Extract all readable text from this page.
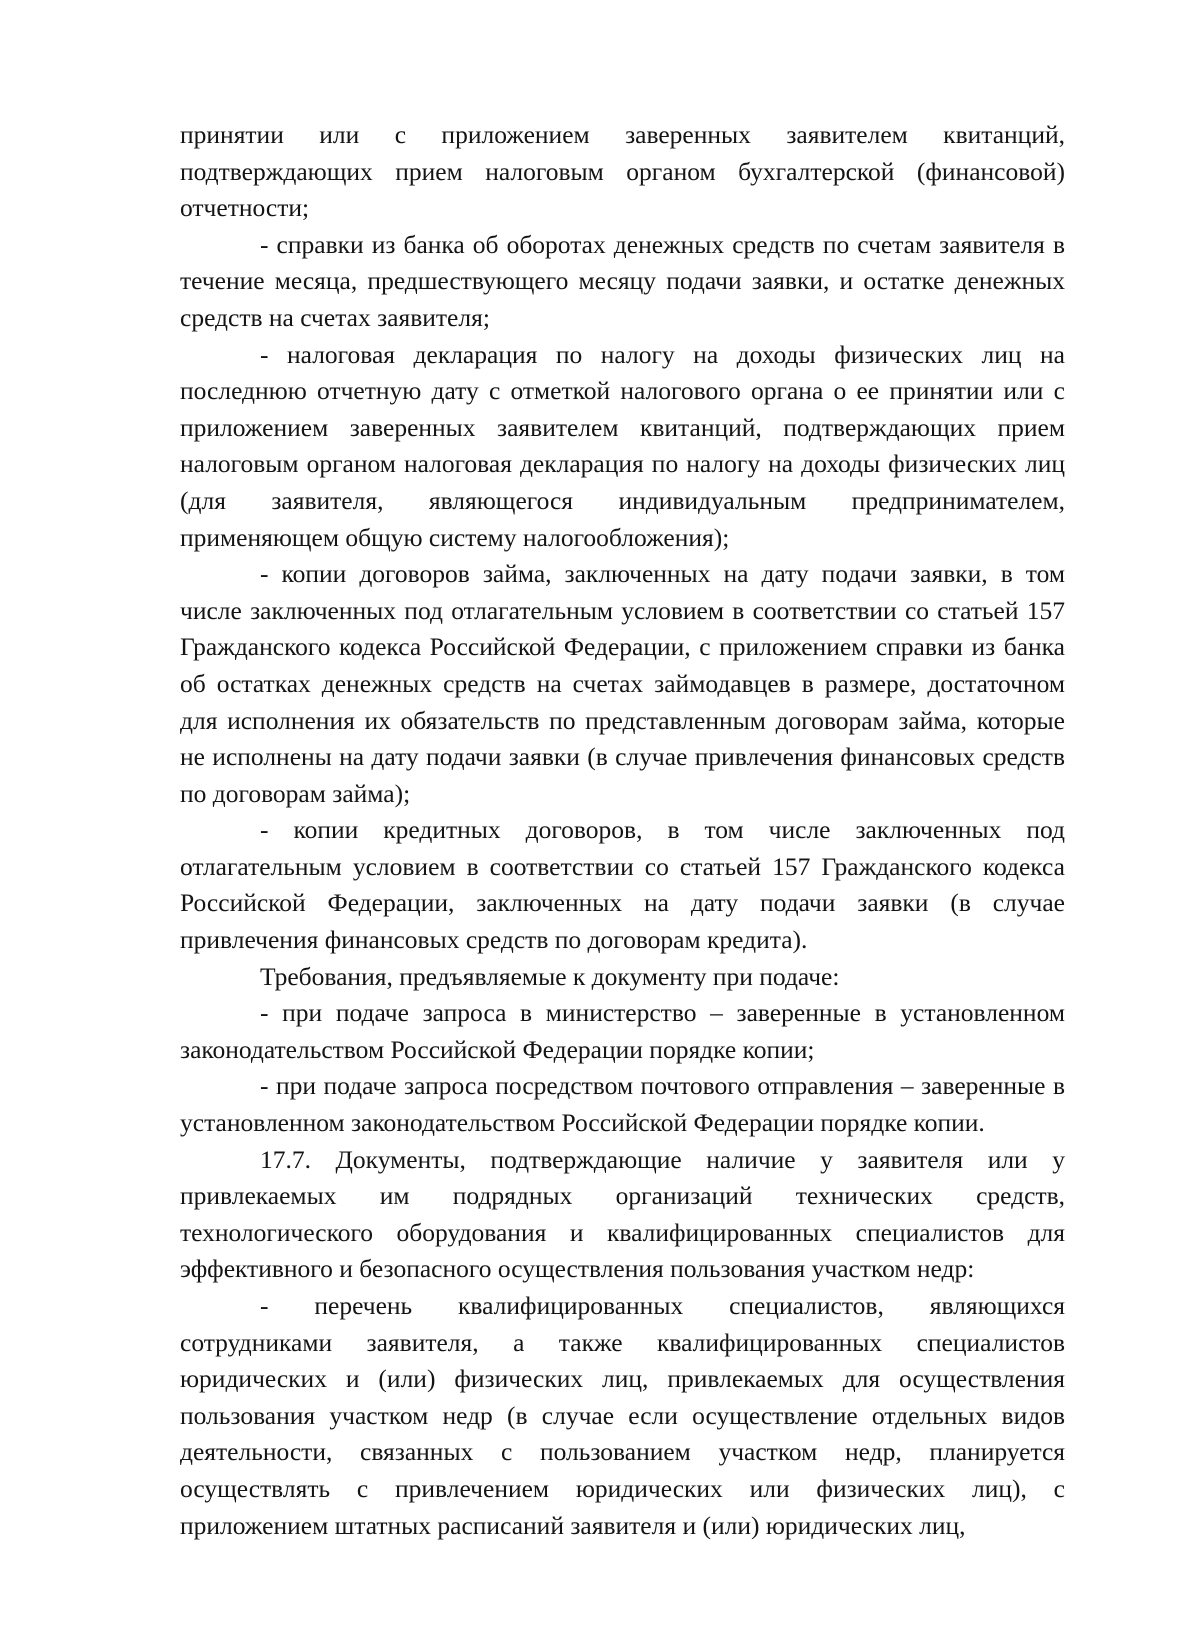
принятии или с приложением заверенных заявителем квитанций, подтверждающих прием налоговым органом бухгалтерской (финансовой) отчетности;

- справки из банка об оборотах денежных средств по счетам заявителя в течение месяца, предшествующего месяцу подачи заявки, и остатке денежных средств на счетах заявителя;

- налоговая декларация по налогу на доходы физических лиц на последнюю отчетную дату с отметкой налогового органа о ее принятии или с приложением заверенных заявителем квитанций, подтверждающих прием налоговым органом налоговая декларация по налогу на доходы физических лиц (для заявителя, являющегося индивидуальным предпринимателем, применяющем общую систему налогообложения);

- копии договоров займа, заключенных на дату подачи заявки, в том числе заключенных под отлагательным условием в соответствии со статьей 157 Гражданского кодекса Российской Федерации, с приложением справки из банка об остатках денежных средств на счетах займодавцев в размере, достаточном для исполнения их обязательств по представленным договорам займа, которые не исполнены на дату подачи заявки (в случае привлечения финансовых средств по договорам займа);

- копии кредитных договоров, в том числе заключенных под отлагательным условием в соответствии со статьей 157 Гражданского кодекса Российской Федерации, заключенных на дату подачи заявки (в случае привлечения финансовых средств по договорам кредита).

Требования, предъявляемые к документу при подаче:

- при подаче запроса в министерство – заверенные в установленном законодательством Российской Федерации порядке копии;

- при подаче запроса посредством почтового отправления – заверенные в установленном законодательством Российской Федерации порядке копии.

17.7. Документы, подтверждающие наличие у заявителя или у привлекаемых им подрядных организаций технических средств, технологического оборудования и квалифицированных специалистов для эффективного и безопасного осуществления пользования участком недр:

- перечень квалифицированных специалистов, являющихся сотрудниками заявителя, а также квалифицированных специалистов юридических и (или) физических лиц, привлекаемых для осуществления пользования участком недр (в случае если осуществление отдельных видов деятельности, связанных с пользованием участком недр, планируется осуществлять с привлечением юридических или физических лиц), с приложением штатных расписаний заявителя и (или) юридических лиц,
